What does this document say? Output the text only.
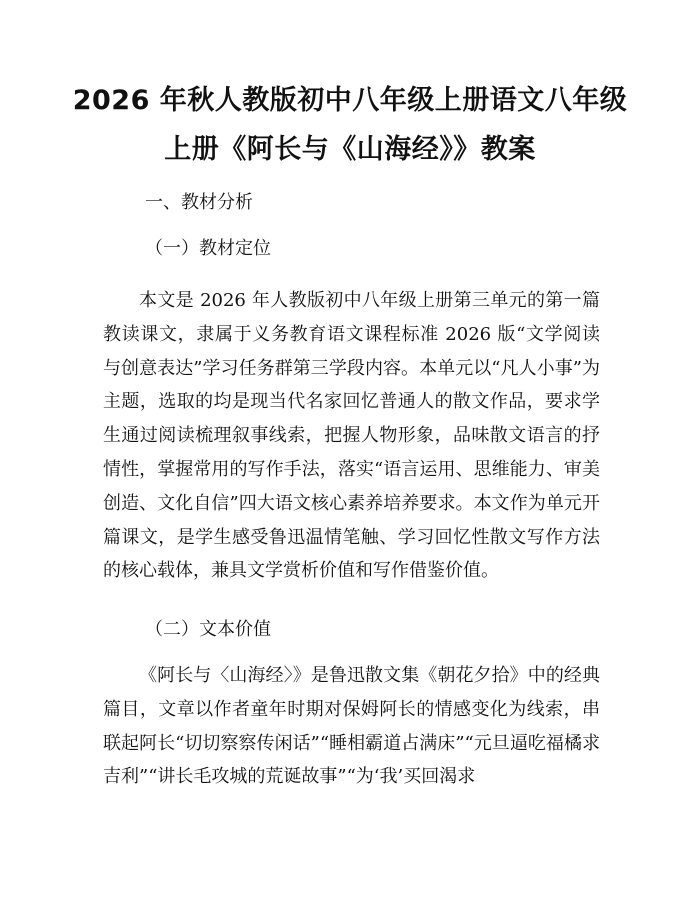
2026 年秋人教版初中八年级上册语文八年级
上册《阿长与《山海经》》教案
一、教材分析
（一）教材定位
本文是 2026 年人教版初中八年级上册第三单元的第一篇教读课文，隶属于义务教育语文课程标准 2026 版“文学阅读与创意表达”学习任务群第三学段内容。本单元以“凡人小事”为主题，选取的均是现当代名家回忆普通人的散文作品，要求学生通过阅读梳理叙事线索，把握人物形象，品味散文语言的抒情性，掌握常用的写作手法，落实“语言运用、思维能力、审美创造、文化自信”四大语文核心素养培养要求。本文作为单元开篇课文，是学生感受鲁迅温情笔触、学习回忆性散文写作方法的核心载体，兼具文学赏析价值和写作借鉴价值。
（二）文本价值
《阿长与〈山海经〉》是鲁迅散文集《朝花夕拾》中的经典篇目，文章以作者童年时期对保姆阿长的情感变化为线索，串联起阿长“切切察察传闲话”“睡相霸道占满床”“元旦逼吃福橘求吉利”“讲长毛攻城的荒诞故事”“为‘我’买回渴求
